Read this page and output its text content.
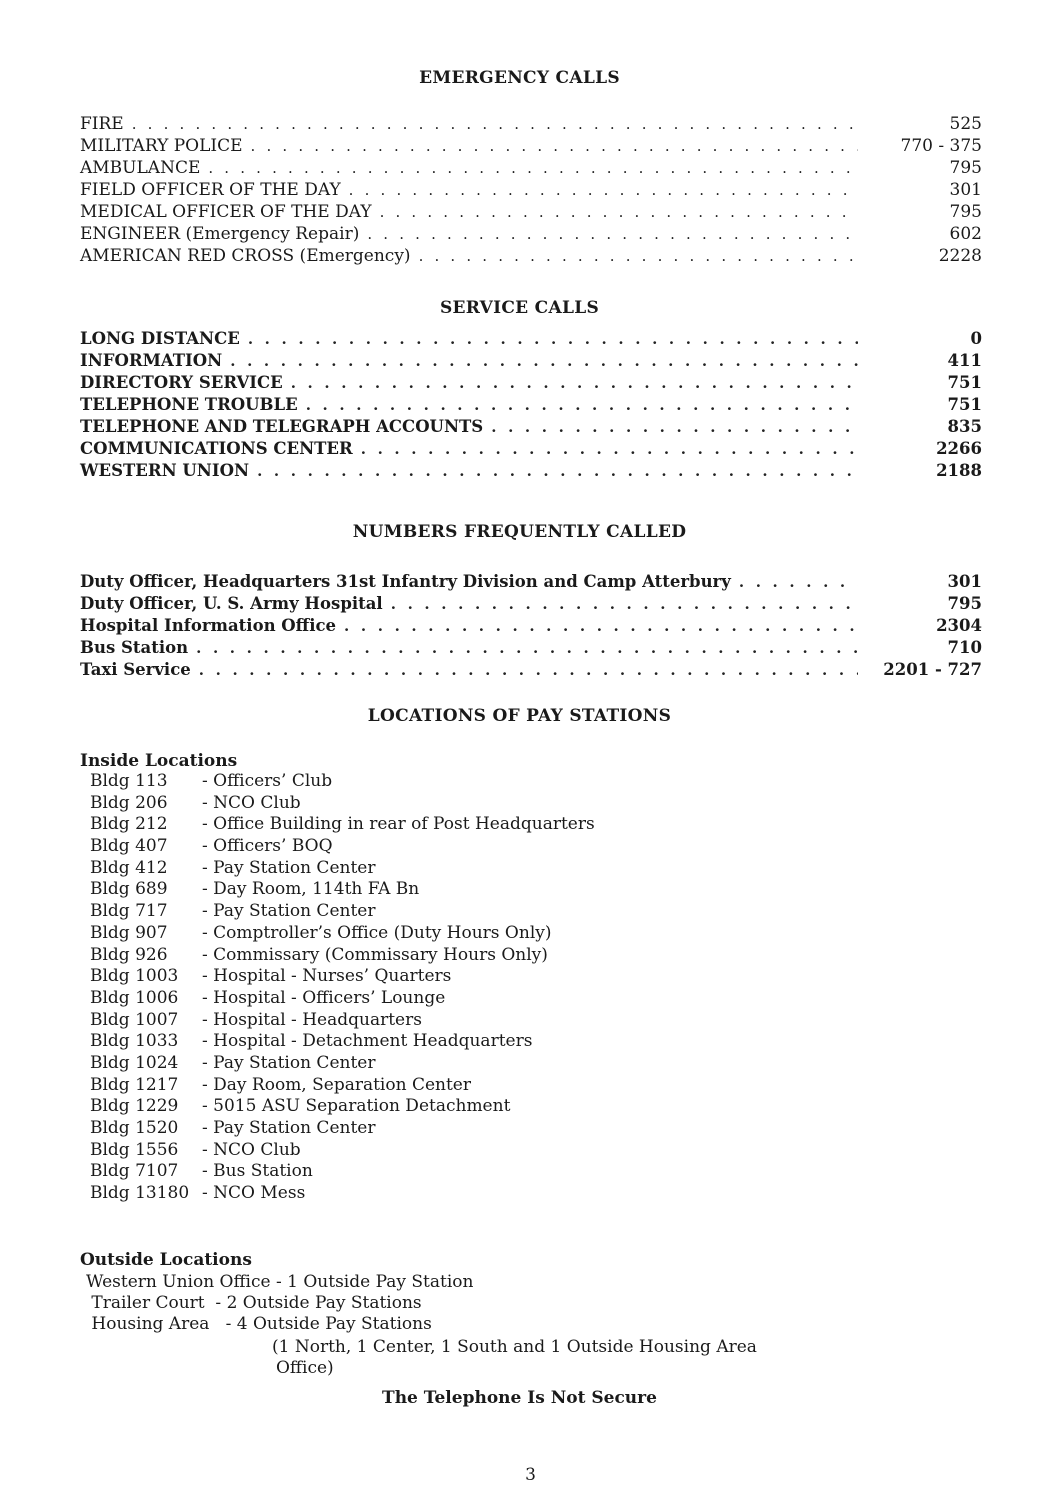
EMERGENCY CALLS
FIRE . . .	525
MILITARY POLICE . . .	770 - 375
AMBULANCE . . .	795
FIELD OFFICER OF THE DAY . . .	301
MEDICAL OFFICER OF THE DAY . . .	795
ENGINEER (Emergency Repair) . . .	602
AMERICAN RED CROSS (Emergency) . . .	2228
SERVICE CALLS
LONG DISTANCE . . .	0
INFORMATION . . .	411
DIRECTORY SERVICE . . .	751
TELEPHONE TROUBLE . . .	751
TELEPHONE AND TELEGRAPH ACCOUNTS . . .	835
COMMUNICATIONS CENTER . . .	2266
WESTERN UNION . . .	2188
NUMBERS FREQUENTLY CALLED
Duty Officer, Headquarters 31st Infantry Division and Camp Atterbury . . .	301
Duty Officer, U. S. Army Hospital . . .	795
Hospital Information Office . . .	2304
Bus Station . . .	710
Taxi Service . . .	2201 - 727
LOCATIONS OF PAY STATIONS
Inside Locations
Bldg 113	- Officers’ Club
Bldg 206	- NCO Club
Bldg 212	- Office Building in rear of Post Headquarters
Bldg 407	- Officers’ BOQ
Bldg 412	- Pay Station Center
Bldg 689	- Day Room, 114th FA Bn
Bldg 717	- Pay Station Center
Bldg 907	- Comptroller’s Office (Duty Hours Only)
Bldg 926	- Commissary (Commissary Hours Only)
Bldg 1003	- Hospital - Nurses’ Quarters
Bldg 1006	- Hospital - Officers’ Lounge
Bldg 1007	- Hospital - Headquarters
Bldg 1033	- Hospital - Detachment Headquarters
Bldg 1024	- Pay Station Center
Bldg 1217	- Day Room, Separation Center
Bldg 1229	- 5015 ASU Separation Detachment
Bldg 1520	- Pay Station Center
Bldg 1556	- NCO Club
Bldg 7107	- Bus Station
Bldg 13180 - NCO Mess
Outside Locations
Western Union Office - 1 Outside Pay Station
Trailer Court  - 2 Outside Pay Stations
Housing Area   - 4 Outside Pay Stations
(1 North, 1 Center, 1 South and 1 Outside Housing Area
Office)
The Telephone Is Not Secure
3
